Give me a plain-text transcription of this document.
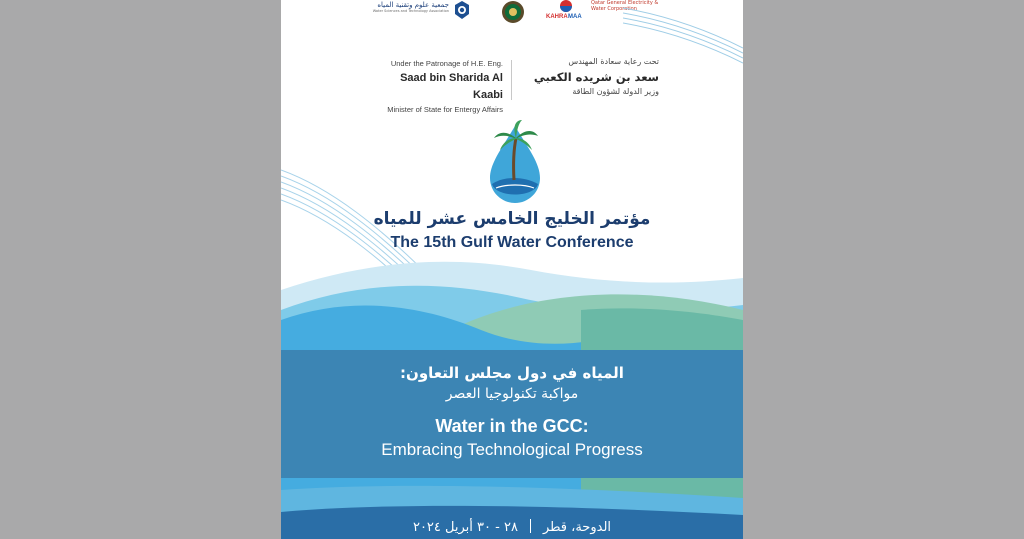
جمعية علوم وتقنية المياه
Water Sciences and Technology Association
KAHRA MAA
Qatar General Electricity & Water Corporation
Under the Patronage of H.E. Eng.
Saad bin Sharida Al Kaabi
Minister of State for Entergy Affairs
تحت رعاية سعادة المهندس
سعد بن شريده الكعبي
وزير الدولة لشؤون الطاقة
مؤتمر الخليج الخامس عشر للمياه
The 15th Gulf Water Conference
المياه في دول مجلس التعاون:
مواكبة تكنولوجيا العصر
Water in the GCC:
Embracing Technological Progress
الدوحة، قطر٢٨ - ٣٠ أبريل ٢٠٢٤
